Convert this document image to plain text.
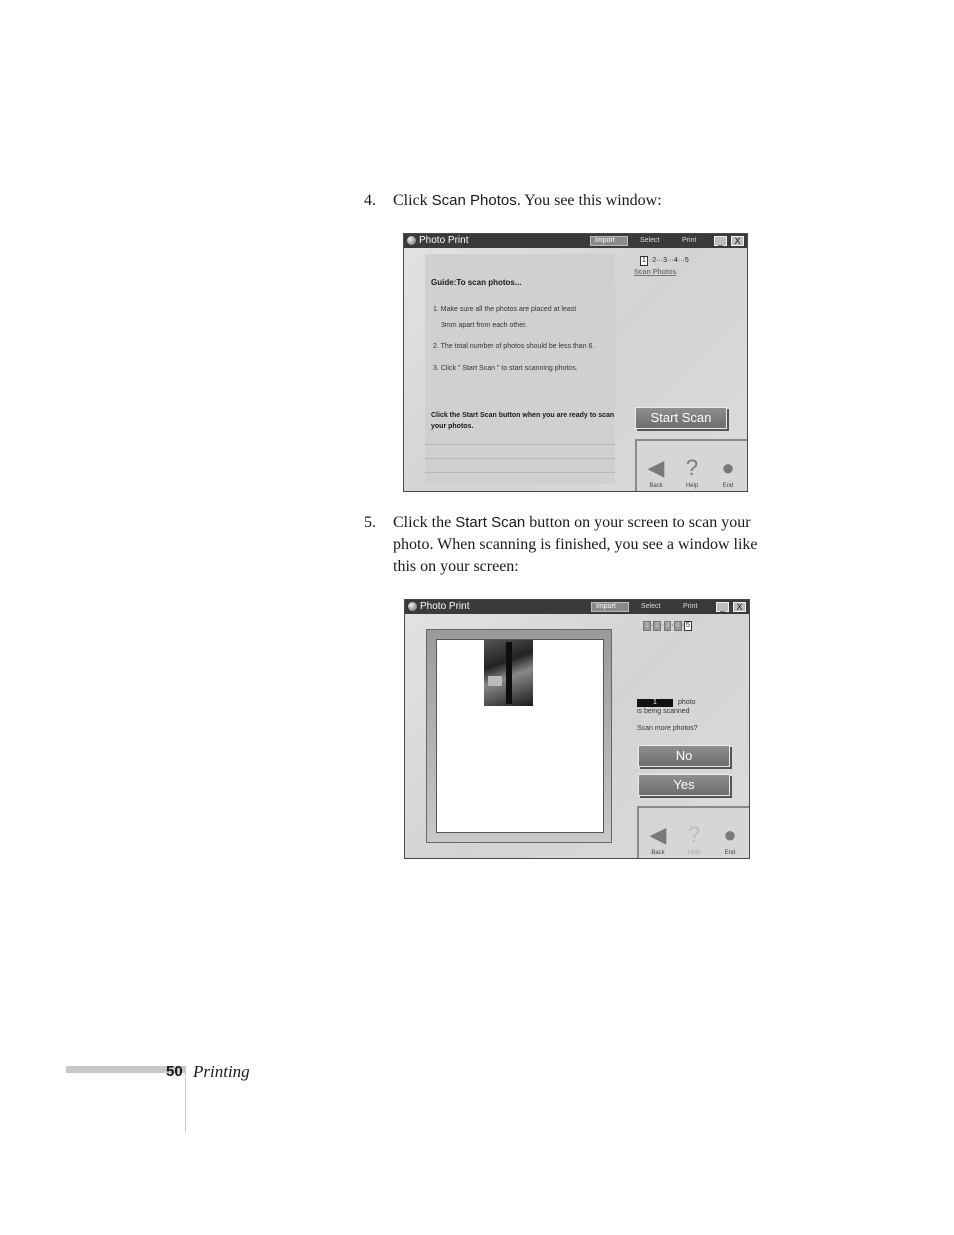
4. Click Scan Photos. You see this window:
Photo Print	Import	Select	Print	_	X
Guide:To scan photos...
1. Make sure all the photos are placed at least
3mm apart from each other.
2. The total number of photos should be less than 6.
3. Click " Start Scan " to start scanning photos.
Click the Start Scan button when you are ready to scan your photos.
1 ·2···3···4···5
Scan Photos
Start Scan
◀
Back
?
Help
●
End
5. Click the Start Scan button on your screen to scan your photo. When scanning is finished, you see a window like this on your screen:
Photo Print	Import	Select	Print	_	X
1 · 2 · 3 · 4 · 5
1	photo
is being scanned
Scan more photos?
No
Yes
◀
Back
?
Help
●
End
50 Printing
